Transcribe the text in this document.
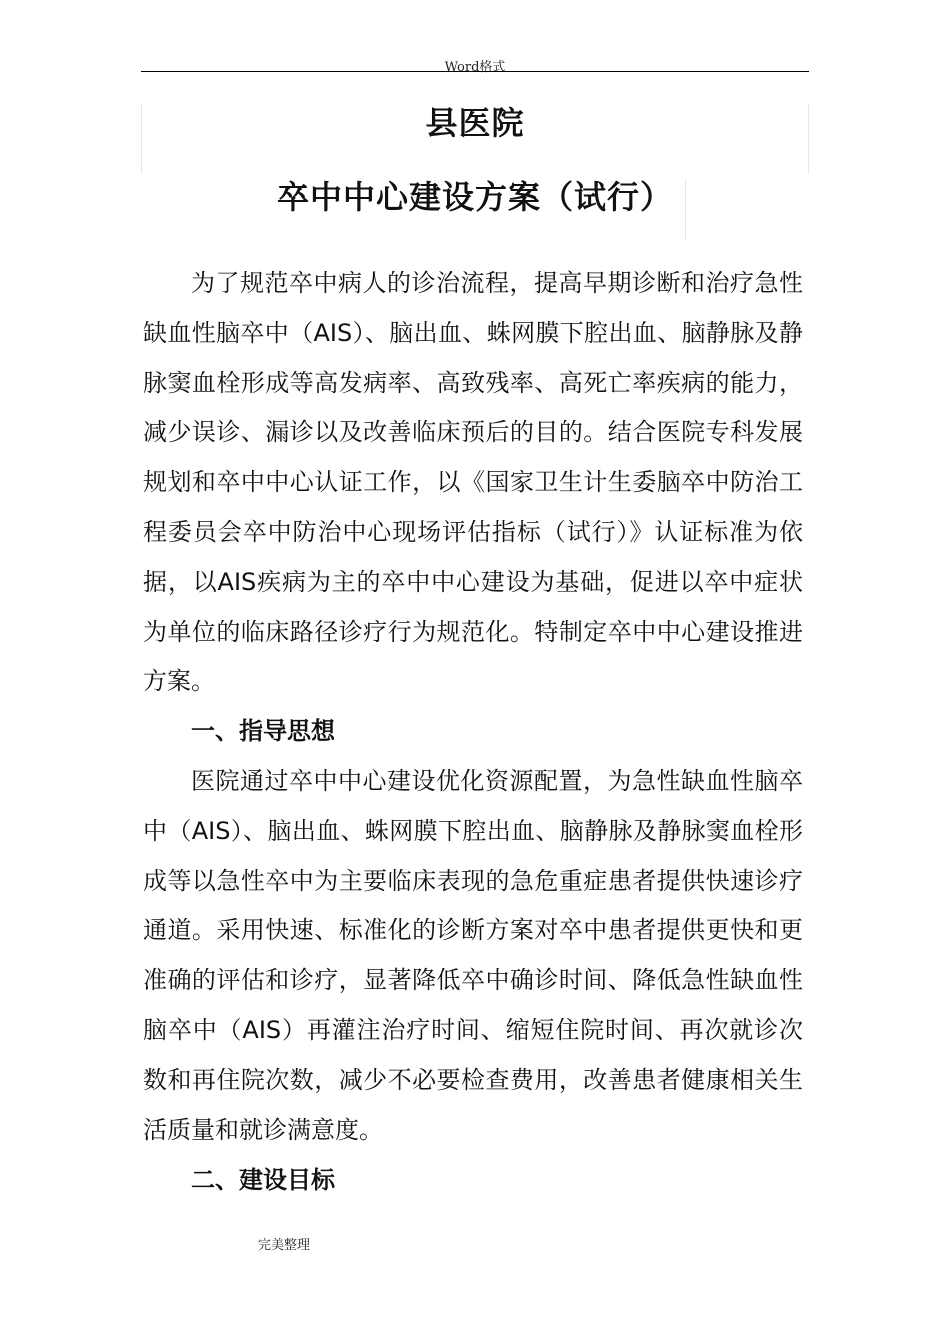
Word格式
县医院
卒中中心建设方案（试行）

为了规范卒中病人的诊治流程，提高早期诊断和治疗急性缺血性脑卒中（AIS）、脑出血、蛛网膜下腔出血、脑静脉及静脉窦血栓形成等高发病率、高致残率、高死亡率疾病的能力，减少误诊、漏诊以及改善临床预后的目的。结合医院专科发展规划和卒中中心认证工作，以《国家卫生计生委脑卒中防治工程委员会卒中防治中心现场评估指标（试行）》认证标准为依据，以AIS疾病为主的卒中中心建设为基础，促进以卒中症状为单位的临床路径诊疗行为规范化。特制定卒中中心建设推进方案。

一、指导思想

医院通过卒中中心建设优化资源配置，为急性缺血性脑卒中（AIS）、脑出血、蛛网膜下腔出血、脑静脉及静脉窦血栓形成等以急性卒中为主要临床表现的急危重症患者提供快速诊疗通道。采用快速、标准化的诊断方案对卒中患者提供更快和更准确的评估和诊疗，显著降低卒中确诊时间、降低急性缺血性脑卒中（AIS）再灌注治疗时间、缩短住院时间、再次就诊次数和再住院次数，减少不必要检查费用，改善患者健康相关生活质量和就诊满意度。

二、建设目标

完美整理
